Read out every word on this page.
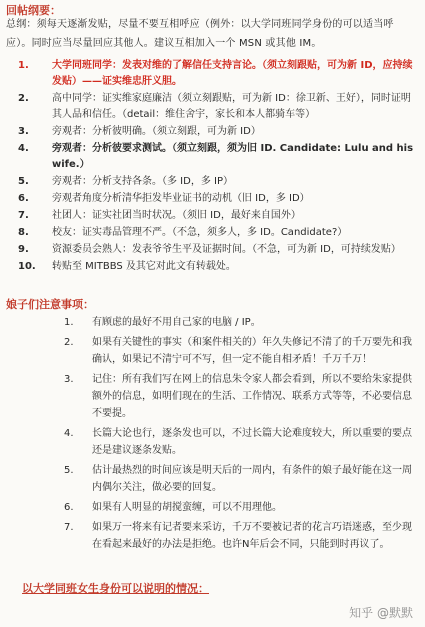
回帖纲要：
总纲：须每天逐渐发贴，尽量不要互相呼应（例外：以大学同班同学身份的可以适当呼应）。同时应当尽量回应其他人。建议互相加入一个 MSN 或其他 IM。
1.	大学同班同学：发表对维的了解信任支持言论。（须立刻跟贴，可为新 ID，应持续发贴）——证实维忠肝义胆。
2.	高中同学：证实维家庭廉洁（须立刻跟贴，可为新 ID：徐卫新、王好），同时证明其人品和信任。（detail：维住舍宇，家长和本人都骑车等）
3.	旁观者：分析彼明确。（须立刻跟，可为新 ID）
4.	旁观者：分析彼要求测试。（须立刻跟，须为旧 ID. Candidate: Lulu and his wife.）
5.	旁观者：分析支持各条。（多 ID，多 IP）
6.	旁观者角度分析清华拒发毕业证书的动机（旧 ID，多 ID）
7.	社团人：证实社团当时状况。（须旧 ID，最好来自国外）
8.	校友：证实毒品管理不严。（不急，须多人，多 ID。Candidate?）
9.	资源委员会熟人：发表爷爷生平及证据时间。（不急，可为新 ID，可持续发贴）
10.	转贴至 MITBBS 及其它对此文有转载处。
娘子们注意事项：
1.	有顾虑的最好不用自己家的电脑 / IP。
2.	如果有关键性的事实（和案件相关的）年久失修记不清了的千万要先和我确认，如果记不清宁可不写，但一定不能自相矛盾！千万千万！
3.	记住：所有我们写在网上的信息朱令家人都会看到，所以不要给朱家提供额外的信息，如明们现在的生活、工作情况、联系方式等等，不必要信息不要提。
4.	长篇大论也行，逐条发也可以，不过长篇大论难度较大，所以重要的要点还是建议逐条发贴。
5.	估计最热烈的时间应该是明天后的一周内，有条件的娘子最好能在这一周内偶尔关注，做必要的回复。
6.	如果有人明显的胡搅蛮缠，可以不用理他。
7.	如果万一将来有记者要来采访，千万不要被记者的花言巧语迷惑，至少现在看起来最好的办法是拒绝。也许N年后会不同，只能到时再议了。
以大学同班女生身份可以说明的情况：
知乎 @默默
